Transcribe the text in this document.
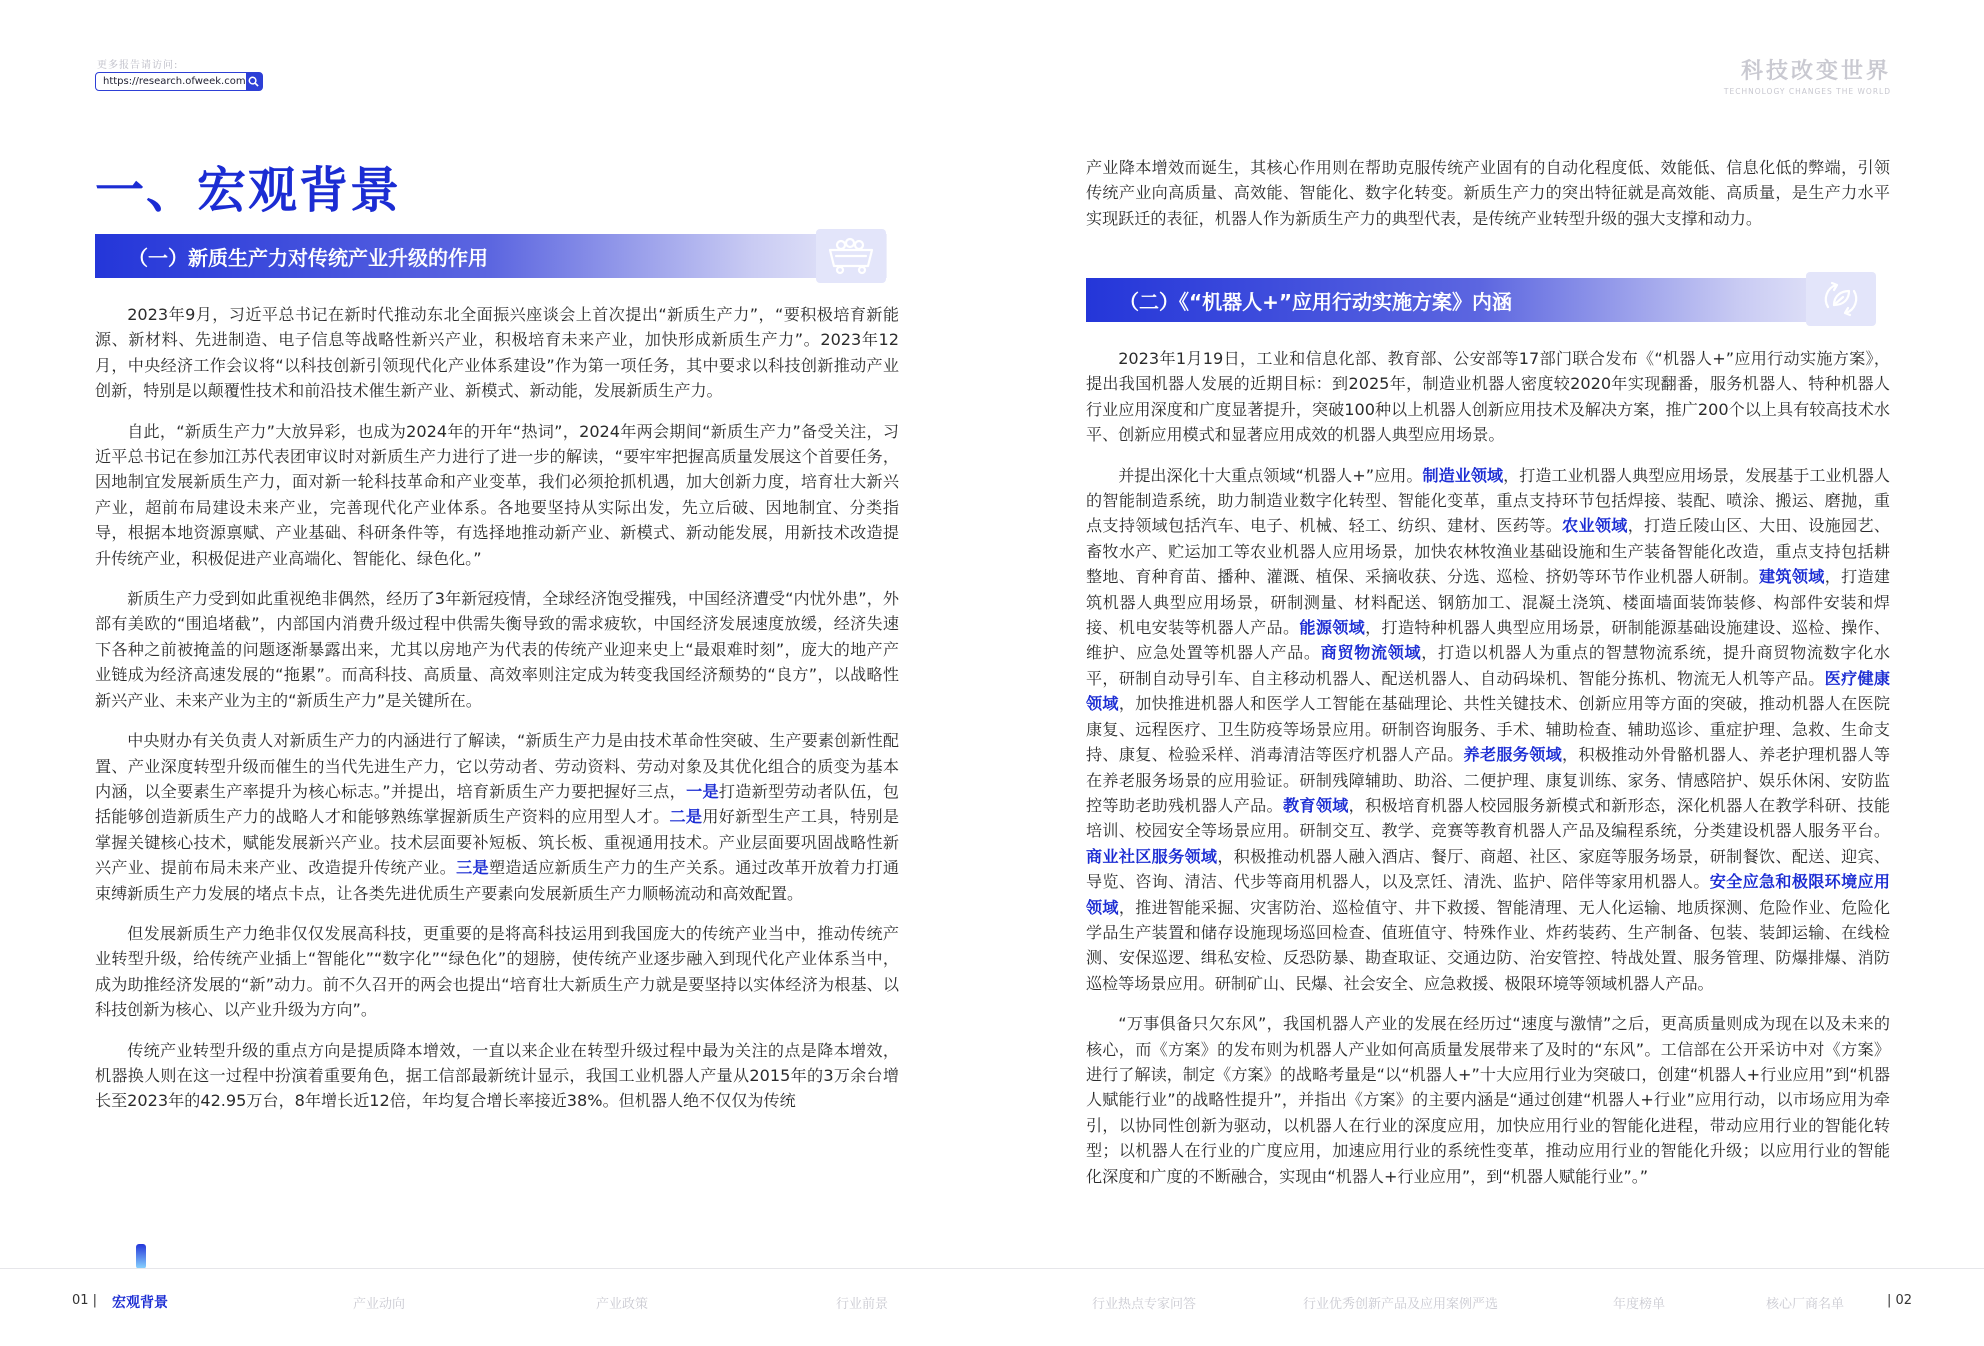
更多报告请访问:
https://research.ofweek.com	科技改变世界
TECHNOLOGY CHANGES THE WORLD
一、宏观背景
（一）新质生产力对传统产业升级的作用

2023年9月，习近平总书记在新时代推动东北全面振兴座谈会上首次提出“新质生产力”，“要积极培育新能源、新材料、先进制造、电子信息等战略性新兴产业，积极培育未来产业，加快形成新质生产力”。2023年12月，中央经济工作会议将“以科技创新引领现代化产业体系建设”作为第一项任务，其中要求以科技创新推动产业创新，特别是以颠覆性技术和前沿技术催生新产业、新模式、新动能，发展新质生产力。

自此，“新质生产力”大放异彩，也成为2024年的开年“热词”，2024年两会期间“新质生产力”备受关注，习近平总书记在参加江苏代表团审议时对新质生产力进行了进一步的解读，“要牢牢把握高质量发展这个首要任务，因地制宜发展新质生产力，面对新一轮科技革命和产业变革，我们必须抢抓机遇，加大创新力度，培育壮大新兴产业，超前布局建设未来产业，完善现代化产业体系。各地要坚持从实际出发，先立后破、因地制宜、分类指导，根据本地资源禀赋、产业基础、科研条件等，有选择地推动新产业、新模式、新动能发展，用新技术改造提升传统产业，积极促进产业高端化、智能化、绿色化。”

新质生产力受到如此重视绝非偶然，经历了3年新冠疫情，全球经济饱受摧残，中国经济遭受“内忧外患”，外部有美欧的“围追堵截”，内部国内消费升级过程中供需失衡导致的需求疲软，中国经济发展速度放缓，经济失速下各种之前被掩盖的问题逐渐暴露出来，尤其以房地产为代表的传统产业迎来史上“最艰难时刻”，庞大的地产产业链成为经济高速发展的“拖累”。而高科技、高质量、高效率则注定成为转变我国经济颓势的“良方”，以战略性新兴产业、未来产业为主的“新质生产力”是关键所在。

中央财办有关负责人对新质生产力的内涵进行了解读，“新质生产力是由技术革命性突破、生产要素创新性配置、产业深度转型升级而催生的当代先进生产力，它以劳动者、劳动资料、劳动对象及其优化组合的质变为基本内涵，以全要素生产率提升为核心标志。”并提出，培育新质生产力要把握好三点，一是打造新型劳动者队伍，包括能够创造新质生产力的战略人才和能够熟练掌握新质生产资料的应用型人才。二是用好新型生产工具，特别是掌握关键核心技术，赋能发展新兴产业。技术层面要补短板、筑长板、重视通用技术。产业层面要巩固战略性新兴产业、提前布局未来产业、改造提升传统产业。三是塑造适应新质生产力的生产关系。通过改革开放着力打通束缚新质生产力发展的堵点卡点，让各类先进优质生产要素向发展新质生产力顺畅流动和高效配置。

但发展新质生产力绝非仅仅发展高科技，更重要的是将高科技运用到我国庞大的传统产业当中，推动传统产业转型升级，给传统产业插上“智能化”“数字化”“绿色化”的翅膀，使传统产业逐步融入到现代化产业体系当中，成为助推经济发展的“新”动力。前不久召开的两会也提出“培育壮大新质生产力就是要坚持以实体经济为根基、以科技创新为核心、以产业升级为方向”。

传统产业转型升级的重点方向是提质降本增效，一直以来企业在转型升级过程中最为关注的点是降本增效，机器换人则在这一过程中扮演着重要角色，据工信部最新统计显示，我国工业机器人产量从2015年的3万余台增长至2023年的42.95万台，8年增长近12倍，年均复合增长率接近38%。但机器人绝不仅仅为传统

产业降本增效而诞生，其核心作用则在帮助克服传统产业固有的自动化程度低、效能低、信息化低的弊端，引领传统产业向高质量、高效能、智能化、数字化转变。新质生产力的突出特征就是高效能、高质量，是生产力水平实现跃迁的表征，机器人作为新质生产力的典型代表，是传统产业转型升级的强大支撑和动力。

（二）《“机器人+”应用行动实施方案》内涵

2023年1月19日，工业和信息化部、教育部、公安部等17部门联合发布《“机器人+”应用行动实施方案》，提出我国机器人发展的近期目标：到2025年，制造业机器人密度较2020年实现翻番，服务机器人、特种机器人行业应用深度和广度显著提升，突破100种以上机器人创新应用技术及解决方案，推广200个以上具有较高技术水平、创新应用模式和显著应用成效的机器人典型应用场景。

并提出深化十大重点领域“机器人+”应用。制造业领域，打造工业机器人典型应用场景，发展基于工业机器人的智能制造系统，助力制造业数字化转型、智能化变革，重点支持环节包括焊接、装配、喷涂、搬运、磨抛，重点支持领域包括汽车、电子、机械、轻工、纺织、建材、医药等。农业领域，打造丘陵山区、大田、设施园艺、畜牧水产、贮运加工等农业机器人应用场景，加快农林牧渔业基础设施和生产装备智能化改造，重点支持包括耕整地、育种育苗、播种、灌溉、植保、采摘收获、分选、巡检、挤奶等环节作业机器人研制。建筑领域，打造建筑机器人典型应用场景，研制测量、材料配送、钢筋加工、混凝土浇筑、楼面墙面装饰装修、构部件安装和焊接、机电安装等机器人产品。能源领域，打造特种机器人典型应用场景，研制能源基础设施建设、巡检、操作、维护、应急处置等机器人产品。商贸物流领域，打造以机器人为重点的智慧物流系统，提升商贸物流数字化水平，研制自动导引车、自主移动机器人、配送机器人、自动码垛机、智能分拣机、物流无人机等产品。医疗健康领域，加快推进机器人和医学人工智能在基础理论、共性关键技术、创新应用等方面的突破，推动机器人在医院康复、远程医疗、卫生防疫等场景应用。研制咨询服务、手术、辅助检查、辅助巡诊、重症护理、急救、生命支持、康复、检验采样、消毒清洁等医疗机器人产品。养老服务领域，积极推动外骨骼机器人、养老护理机器人等在养老服务场景的应用验证。研制残障辅助、助浴、二便护理、康复训练、家务、情感陪护、娱乐休闲、安防监控等助老助残机器人产品。教育领域，积极培育机器人校园服务新模式和新形态，深化机器人在教学科研、技能培训、校园安全等场景应用。研制交互、教学、竞赛等教育机器人产品及编程系统，分类建设机器人服务平台。商业社区服务领域，积极推动机器人融入酒店、餐厅、商超、社区、家庭等服务场景，研制餐饮、配送、迎宾、导览、咨询、清洁、代步等商用机器人，以及烹饪、清洗、监护、陪伴等家用机器人。安全应急和极限环境应用领域，推进智能采掘、灾害防治、巡检值守、井下救援、智能清理、无人化运输、地质探测、危险作业、危险化学品生产装置和储存设施现场巡回检查、值班值守、特殊作业、炸药装药、生产制备、包装、装卸运输、在线检测、安保巡逻、缉私安检、反恐防暴、勘查取证、交通边防、治安管控、特战处置、服务管理、防爆排爆、消防巡检等场景应用。研制矿山、民爆、社会安全、应急救援、极限环境等领域机器人产品。

“万事俱备只欠东风”，我国机器人产业的发展在经历过“速度与激情”之后，更高质量则成为现在以及未来的核心，而《方案》的发布则为机器人产业如何高质量发展带来了及时的“东风”。工信部在公开采访中对《方案》进行了解读，制定《方案》的战略考量是“以“机器人+”十大应用行业为突破口，创建“机器人+行业应用”到“机器人赋能行业”的战略性提升”，并指出《方案》的主要内涵是“通过创建“机器人+行业”应用行动，以市场应用为牵引，以协同性创新为驱动，以机器人在行业的深度应用，加快应用行业的智能化进程，带动应用行业的智能化转型；以机器人在行业的广度应用，加速应用行业的系统性变革，推动应用行业的智能化升级；以应用行业的智能化深度和广度的不断融合，实现由“机器人+行业应用”，到“机器人赋能行业”。”

01 | 宏观背景	产业动向	产业政策	行业前景	行业热点专家问答	行业优秀创新产品及应用案例严选	年度榜单	核心厂商名单	| 02
